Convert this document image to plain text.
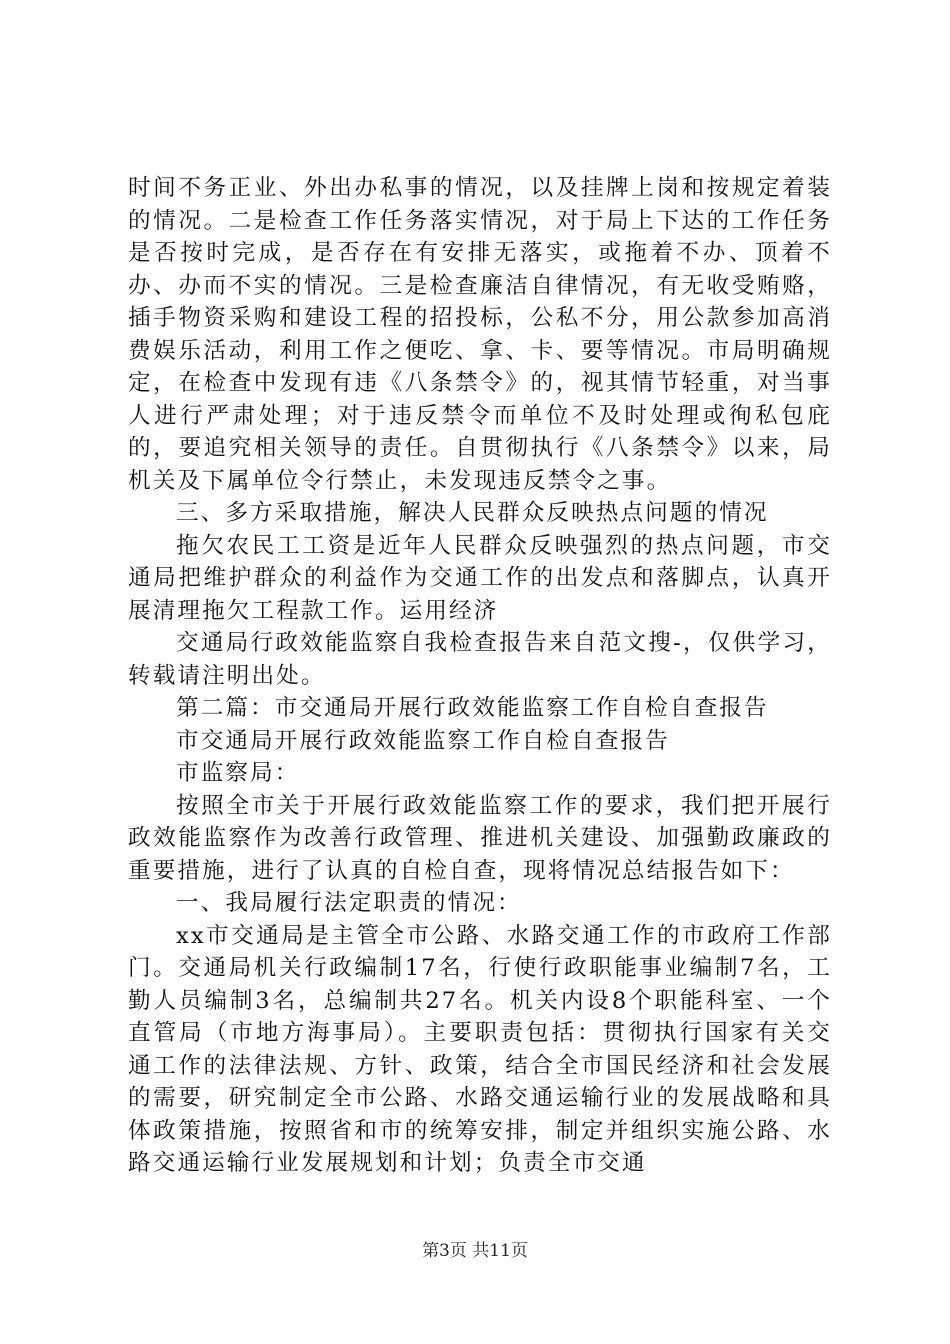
时间不务正业、外出办私事的情况，以及挂牌上岗和按规定着装的情况。二是检查工作任务落实情况，对于局上下达的工作任务是否按时完成，是否存在有安排无落实，或拖着不办、顶着不办、办而不实的情况。三是检查廉洁自律情况，有无收受贿赂，插手物资采购和建设工程的招投标，公私不分，用公款参加高消费娱乐活动，利用工作之便吃、拿、卡、要等情况。市局明确规定，在检查中发现有违《八条禁令》的，视其情节轻重，对当事人进行严肃处理；对于违反禁令而单位不及时处理或徇私包庇的，要追究相关领导的责任。自贯彻执行《八条禁令》以来，局机关及下属单位令行禁止，未发现违反禁令之事。

三、多方采取措施，解决人民群众反映热点问题的情况

拖欠农民工工资是近年人民群众反映强烈的热点问题，市交通局把维护群众的利益作为交通工作的出发点和落脚点，认真开展清理拖欠工程款工作。运用经济

交通局行政效能监察自我检查报告来自范文搜-，仅供学习，转载请注明出处。

第二篇：市交通局开展行政效能监察工作自检自查报告

市交通局开展行政效能监察工作自检自查报告

市监察局：

按照全市关于开展行政效能监察工作的要求，我们把开展行政效能监察作为改善行政管理、推进机关建设、加强勤政廉政的重要措施，进行了认真的自检自查，现将情况总结报告如下：

一、我局履行法定职责的情况：

xx市交通局是主管全市公路、水路交通工作的市政府工作部门。交通局机关行政编制17名，行使行政职能事业编制7名，工勤人员编制3名，总编制共27名。机关内设8个职能科室、一个直管局（市地方海事局）。主要职责包括：贯彻执行国家有关交通工作的法律法规、方针、政策，结合全市国民经济和社会发展的需要，研究制定全市公路、水路交通运输行业的发展战略和具体政策措施，按照省和市的统筹安排，制定并组织实施公路、水路交通运输行业发展规划和计划；负责全市交通

第3页 共11页
